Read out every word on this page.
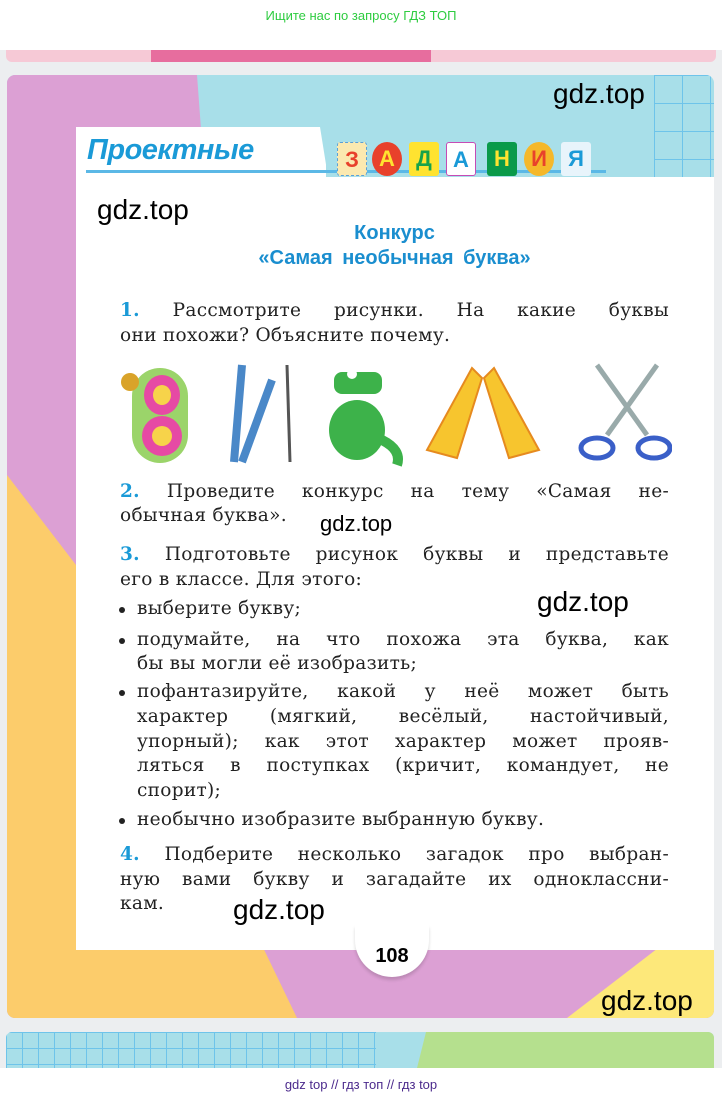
Ищите нас по запросу ГДЗ ТОП
Проектные	З А Д А	Н И Я
Конкурс
«Самая необычная буква»
1. Рассмотрите рисунки. На какие буквы
они похожи? Объясните почему.
2. Проведите конкурс на тему «Самая не-
обычная буква».
3. Подготовьте рисунок буквы и представьте
его в классе. Для этого:
выберите букву;
подумайте, на что похожа эта буква, как
бы вы могли её изобразить;
пофантазируйте, какой у неё может быть
характер (мягкий, весёлый, настойчивый,
упорный); как этот характер может прояв-
ляться в поступках (кричит, командует, не
спорит);
необычно изобразите выбранную букву.
4. Подберите несколько загадок про выбран-
ную вами букву и загадайте их одноклассни-
кам.
gdz.top
gdz.top
gdz.top
gdz.top
gdz.top
gdz.top
108
gdz top // гдз топ // гдз top
